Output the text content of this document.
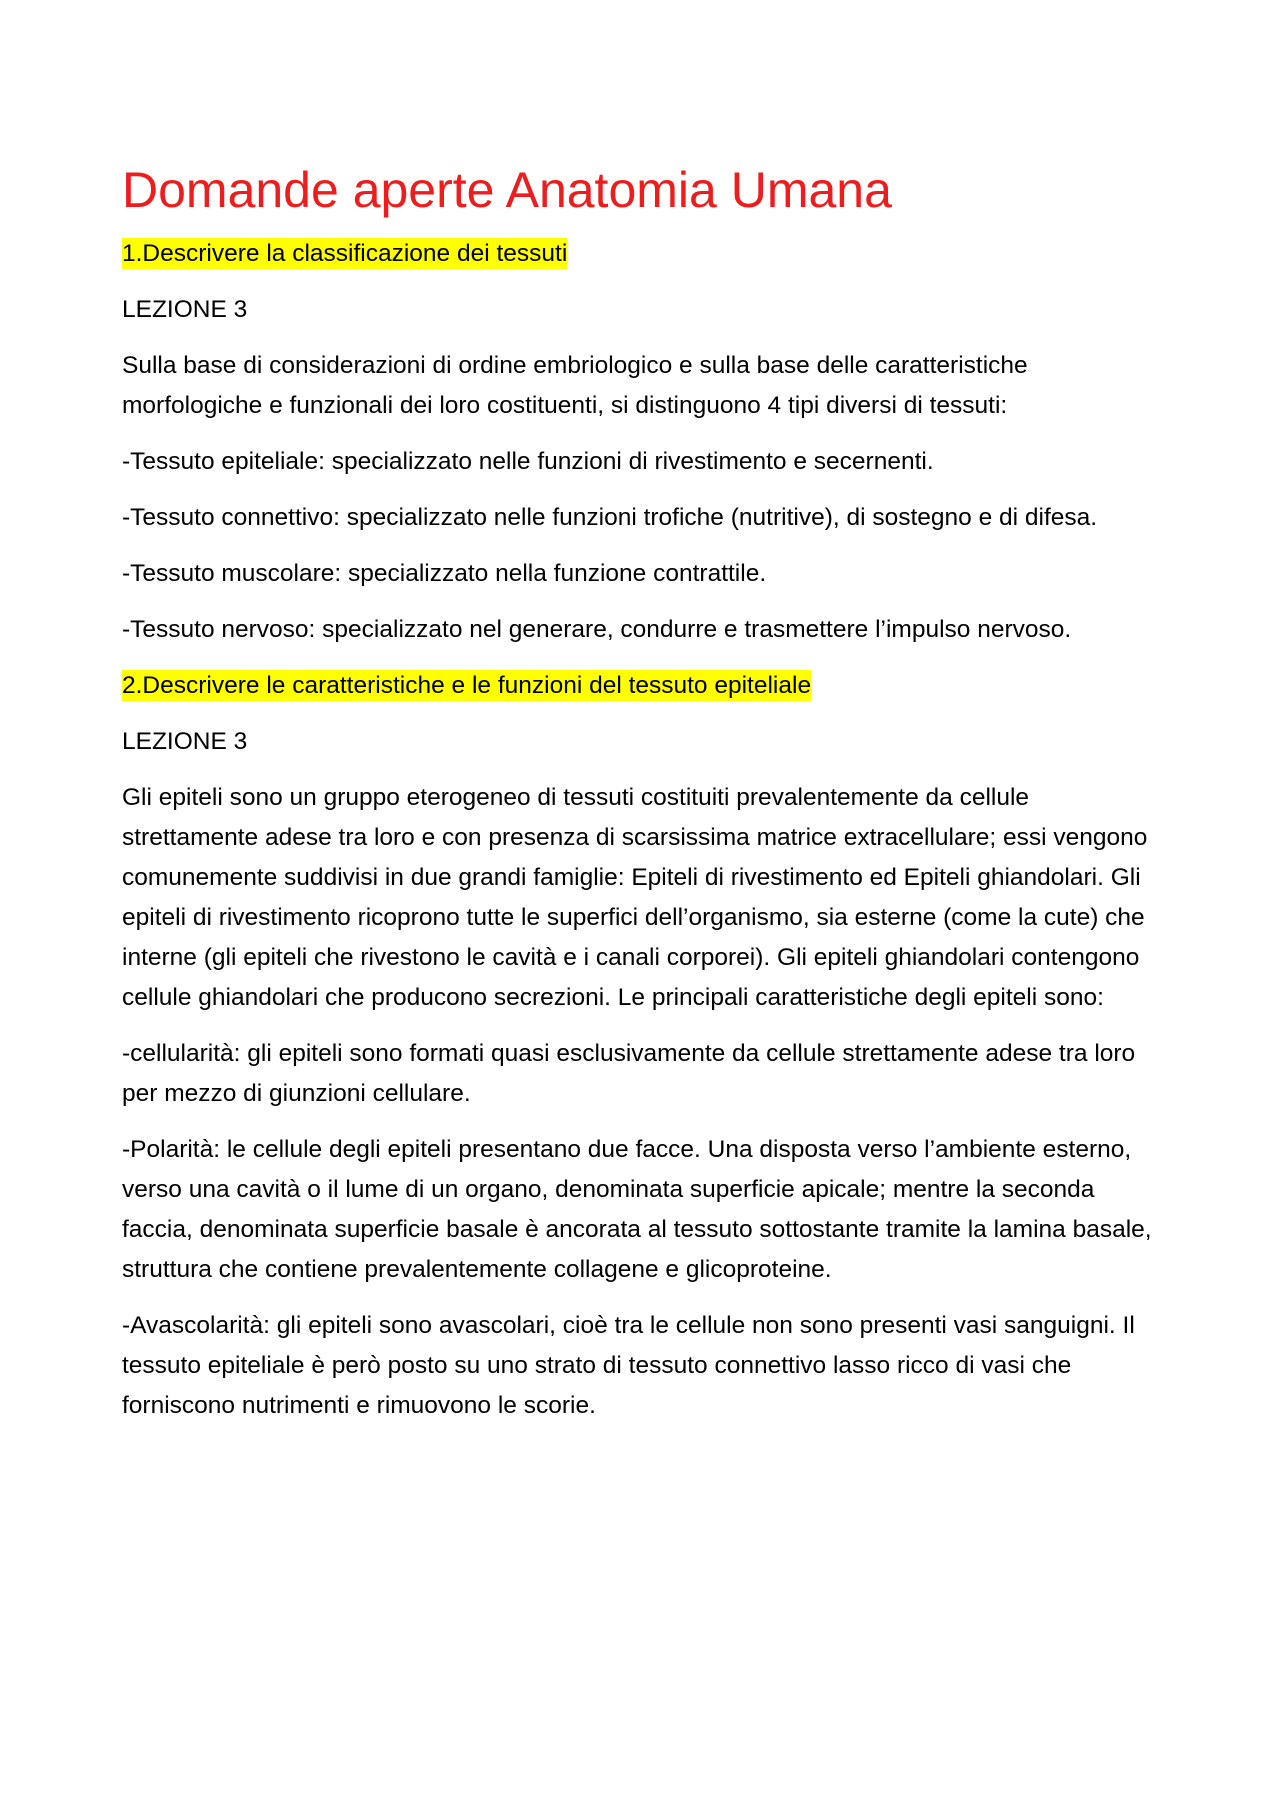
Domande aperte Anatomia Umana
1.Descrivere la classificazione dei tessuti

LEZIONE 3

Sulla base di considerazioni di ordine embriologico e sulla base delle caratteristiche morfologiche e funzionali dei loro costituenti, si distinguono 4 tipi diversi di tessuti:

-Tessuto epiteliale: specializzato nelle funzioni di rivestimento e secernenti.

-Tessuto connettivo: specializzato nelle funzioni trofiche (nutritive), di sostegno e di difesa.

-Tessuto muscolare: specializzato nella funzione contrattile.

-Tessuto nervoso: specializzato nel generare, condurre e trasmettere l’impulso nervoso.

2.Descrivere le caratteristiche e le funzioni del tessuto epiteliale

LEZIONE 3

Gli epiteli sono un gruppo eterogeneo di tessuti costituiti prevalentemente da cellule strettamente adese tra loro e con presenza di scarsissima matrice extracellulare; essi vengono comunemente suddivisi in due grandi famiglie: Epiteli di rivestimento ed Epiteli ghiandolari. Gli epiteli di rivestimento ricoprono tutte le superfici dell’organismo, sia esterne (come la cute) che interne (gli epiteli che rivestono le cavità e i canali corporei). Gli epiteli ghiandolari contengono cellule ghiandolari che producono secrezioni. Le principali caratteristiche degli epiteli sono:

-cellularità: gli epiteli sono formati quasi esclusivamente da cellule strettamente adese tra loro per mezzo di giunzioni cellulare.

-Polarità: le cellule degli epiteli presentano due facce. Una disposta verso l’ambiente esterno, verso una cavità o il lume di un organo, denominata superficie apicale; mentre la seconda faccia, denominata superficie basale è ancorata al tessuto sottostante tramite la lamina basale, struttura che contiene prevalentemente collagene e glicoproteine.

-Avascolarità: gli epiteli sono avascolari, cioè tra le cellule non sono presenti vasi sanguigni. Il tessuto epiteliale è però posto su uno strato di tessuto connettivo lasso ricco di vasi che forniscono nutrimenti e rimuovono le scorie.
